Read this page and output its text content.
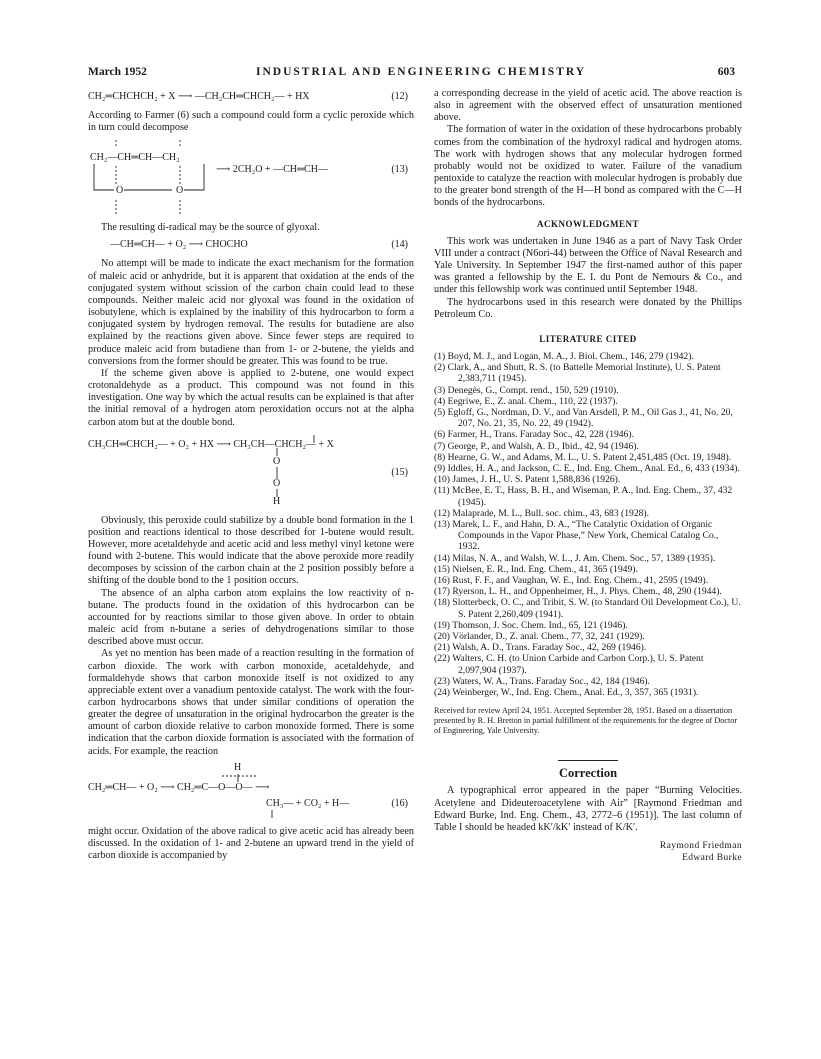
March 1952	INDUSTRIAL AND ENGINEERING CHEMISTRY	603
CH₂═CHCHCH₂ + X ⟶ —CH₂CH═CHCH₂— + HX	(12)

According to Farmer (6) such a compound could form a cyclic peroxide which in turn could decompose

CH₂—CH═CH—CH₂
O	O
⟶ 2CH₂O + —CH═CH—	(13)

The resulting di-radical may be the source of glyoxal.

—CH═CH— + O₂ ⟶ CHOCHO	(14)

No attempt will be made to indicate the exact mechanism for the formation of maleic acid or anhydride, but it is apparent that oxidation at the ends of the conjugated system without scission of the carbon chain could lead to these compounds. Neither maleic acid nor glyoxal was found in the oxidation of isobutylene, which is explained by the inability of this hydrocarbon to form a conjugated system by hydrogen removal. The results for butadiene are also explained by the reactions given above. Since fewer steps are required to produce maleic acid from butadiene than from 1- or 2-butene, the yields and conversions from the former should be greater. This was found to be true.

If the scheme given above is applied to 2-butene, one would expect crotonaldehyde as a product. This compound was not found in this investigation. One way by which the actual results can be explained is that after the initial removal of a hydrogen atom peroxidation occurs not at the alpha carbon atom but at the double bond.

CH₃CH═CHCH₂— + O₂ + HX ⟶ CH₃CH—CHCH₂— + X
O
O
H
(15)

Obviously, this peroxide could stabilize by a double bond formation in the 1 position and reactions identical to those described for 1-butene would result. However, more acetaldehyde and acetic acid and less methyl vinyl ketone were found with 2-butene. This would indicate that the above peroxide more readily decomposes by scission of the carbon chain at the 2 position possibly before a shifting of the double bond to the 1 position occurs.

The absence of an alpha carbon atom explains the low reactivity of n-butane. The products found in the oxidation of this hydrocarbon can be accounted for by reactions similar to those given above. In order to obtain maleic acid from n-butane a series of dehydrogenations similar to those described above must occur.

As yet no mention has been made of a reaction resulting in the formation of carbon dioxide. The work with carbon monoxide, acetaldehyde, and formaldehyde shows that carbon monoxide itself is not oxidized to any appreciable extent over a vanadium pentoxide catalyst. The work with the four-carbon hydrocarbons shows that under similar conditions of operation the greater the degree of unsaturation in the original hydrocarbon the greater is the amount of carbon dioxide relative to carbon monoxide formed. There is some indication that the carbon dioxide formation is associated with the formation of acids. For example, the reaction

H
CH₂═CH— + O₂ ⟶ CH₂═C—O—O— ⟶
CH₃— + CO₂ + H—	(16)

might occur. Oxidation of the above radical to give acetic acid has already been discussed. In the oxidation of 1- and 2-butene an upward trend in the yield of carbon dioxide is accompanied by

a corresponding decrease in the yield of acetic acid. The above reaction is also in agreement with the observed effect of unsaturation mentioned above.

The formation of water in the oxidation of these hydrocarbons probably comes from the combination of the hydroxyl radical and hydrogen atoms. The work with hydrogen shows that any molecular hydrogen formed probably would not be oxidized to water. Failure of the vanadium pentoxide to catalyze the reaction with molecular hydrogen is probably due to the greater bond strength of the H—H bond as compared with the C—H bonds of the hydrocarbons.

ACKNOWLEDGMENT

This work was undertaken in June 1946 as a part of Navy Task Order VIII under a contract (N6ori-44) between the Office of Naval Research and Yale University. In September 1947 the first-named author of this paper was granted a fellowship by the E. I. du Pont de Nemours & Co., and under this fellowship work was continued until September 1948.

The hydrocarbons used in this research were donated by the Phillips Petroleum Co.

LITERATURE CITED
(1) Boyd, M. J., and Logan, M. A., J. Biol. Chem., 146, 279 (1942).
(2) Clark, A., and Shutt, R. S. (to Battelle Memorial Institute), U. S. Patent 2,383,711 (1945).
(3) Denegès, G., Compt. rend., 150, 529 (1910).
(4) Eegriwe, E., Z. anal. Chem., 110, 22 (1937).
(5) Egloff, G., Nordman, D. V., and Van Arsdell, P. M., Oil Gas J., 41, No. 20, 207, No. 21, 35, No. 22, 49 (1942).
(6) Farmer, H., Trans. Faraday Soc., 42, 228 (1946).
(7) George, P., and Walsh, A. D., Ibid., 42, 94 (1946).
(8) Hearne, G. W., and Adams, M. L., U. S. Patent 2,451,485 (Oct. 19, 1948).
(9) Iddles, H. A., and Jackson, C. E., Ind. Eng. Chem., Anal. Ed., 6, 433 (1934).
(10) James, J. H., U. S. Patent 1,588,836 (1926).
(11) McBee, E. T., Hass, B. H., and Wiseman, P. A., Ind. Eng. Chem., 37, 432 (1945).
(12) Malaprade, M. L., Bull. soc. chim., 43, 683 (1928).
(13) Marek, L. F., and Hahn, D. A., “The Catalytic Oxidation of Organic Compounds in the Vapor Phase,” New York, Chemical Catalog Co., 1932.
(14) Milas, N. A., and Walsh, W. L., J. Am. Chem. Soc., 57, 1389 (1935).
(15) Nielsen, E. R., Ind. Eng. Chem., 41, 365 (1949).
(16) Rust, F. F., and Vaughan, W. E., Ind. Eng. Chem., 41, 2595 (1949).
(17) Ryerson, L. H., and Oppenheimer, H., J. Phys. Chem., 48, 290 (1944).
(18) Slotterbeck, O. C., and Tribit, S. W. (to Standard Oil Development Co.), U. S. Patent 2,260,409 (1941).
(19) Thomson, J. Soc. Chem. Ind., 65, 121 (1946).
(20) Vörlander, D., Z. anal. Chem., 77, 32, 241 (1929).
(21) Walsh, A. D., Trans. Faraday Soc., 42, 269 (1946).
(22) Walters, C. H. (to Union Carbide and Carbon Corp.), U. S. Patent 2,097,904 (1937).
(23) Waters, W. A., Trans. Faraday Soc., 42, 184 (1946).
(24) Weinberger, W., Ind. Eng. Chem., Anal. Ed., 3, 357, 365 (1931).

Received for review April 24, 1951. Accepted September 28, 1951. Based on a dissertation presented by R. H. Bretton in partial fulfillment of the requirements for the degree of Doctor of Engineering, Yale University.

Correction

A typographical error appeared in the paper “Burning Velocities. Acetylene and Dideuteroacetylene with Air” [Raymond Friedman and Edward Burke, Ind. Eng. Chem., 43, 2772–6 (1951)]. The last column of Table I should be headed kK′/kK′ instead of K/K′.

Raymond Friedman
Edward Burke
